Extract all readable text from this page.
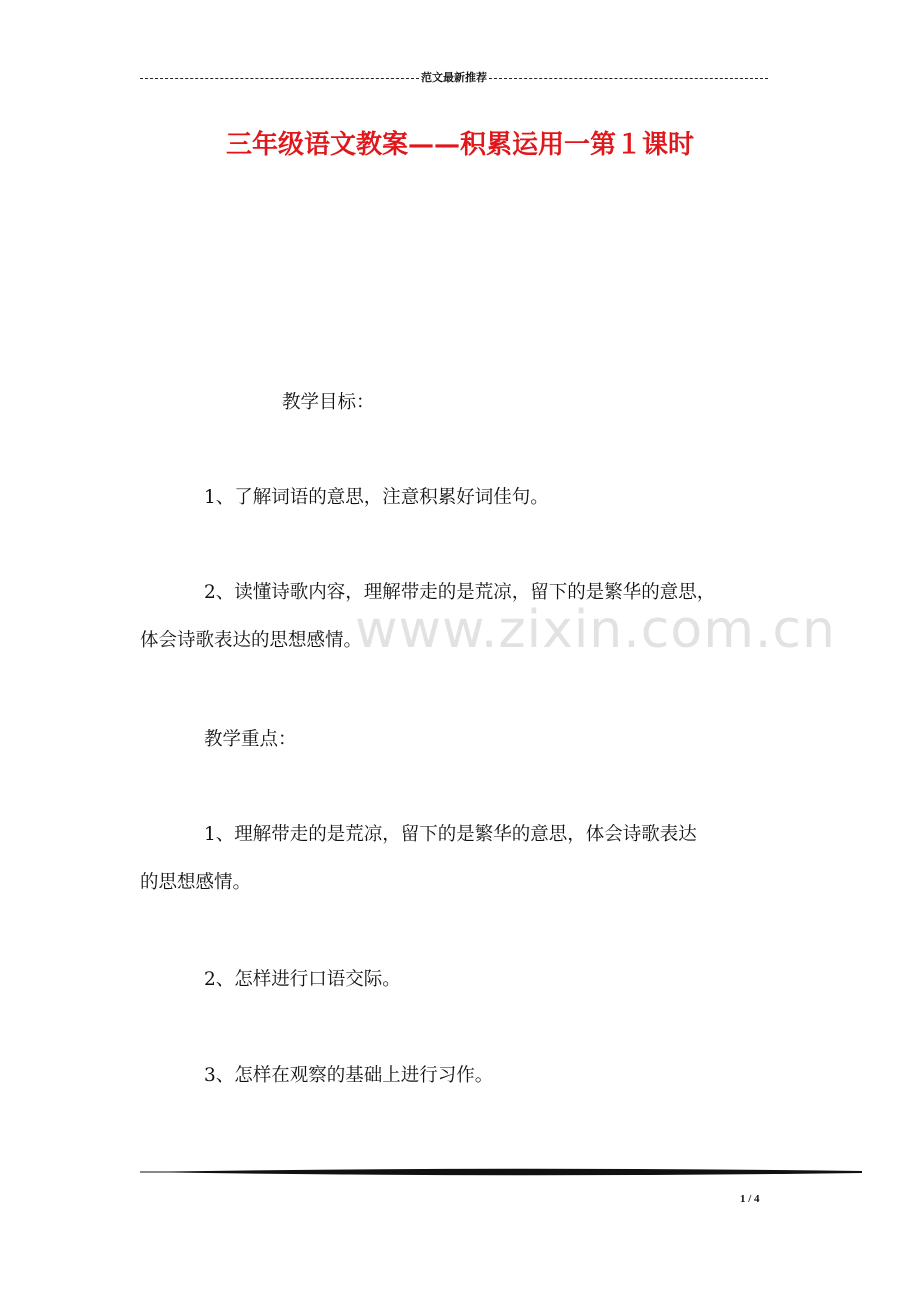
范文最新推荐
三年级语文教案——积累运用一第１课时
教学目标：
1、了解词语的意思，注意积累好词佳句。
2、读懂诗歌内容，理解带走的是荒凉，留下的是繁华的意思，
体会诗歌表达的思想感情。
教学重点：
1、理解带走的是荒凉，留下的是繁华的意思，体会诗歌表达
的思想感情。
2、怎样进行口语交际。
3、怎样在观察的基础上进行习作。
www.zixin.com.cn
1 / 4
